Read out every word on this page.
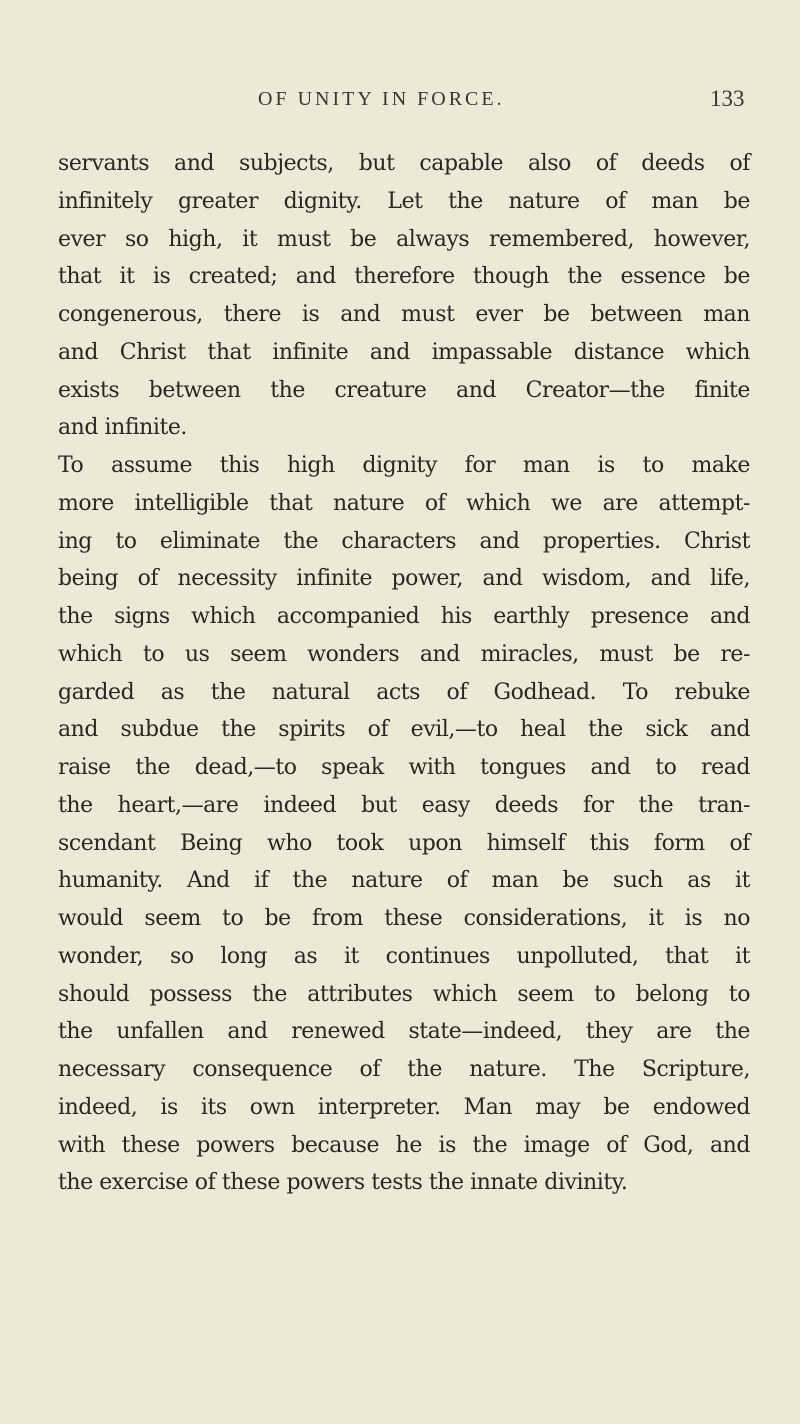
OF UNITY IN FORCE.	133
servants and subjects, but capable also of deeds of
infinitely greater dignity. Let the nature of man be
ever so high, it must be always remembered, however,
that it is created; and therefore though the essence be
congenerous, there is and must ever be between man
and Christ that infinite and impassable distance which
exists between the creature and Creator—the finite
and infinite.
To assume this high dignity for man is to make
more intelligible that nature of which we are attempt-
ing to eliminate the characters and properties. Christ
being of necessity infinite power, and wisdom, and life,
the signs which accompanied his earthly presence and
which to us seem wonders and miracles, must be re-
garded as the natural acts of Godhead. To rebuke
and subdue the spirits of evil,—to heal the sick and
raise the dead,—to speak with tongues and to read
the heart,—are indeed but easy deeds for the tran-
scendant Being who took upon himself this form of
humanity. And if the nature of man be such as it
would seem to be from these considerations, it is no
wonder, so long as it continues unpolluted, that it
should possess the attributes which seem to belong to
the unfallen and renewed state—indeed, they are the
necessary consequence of the nature. The Scripture,
indeed, is its own interpreter. Man may be endowed
with these powers because he is the image of God, and
the exercise of these powers tests the innate divinity.
